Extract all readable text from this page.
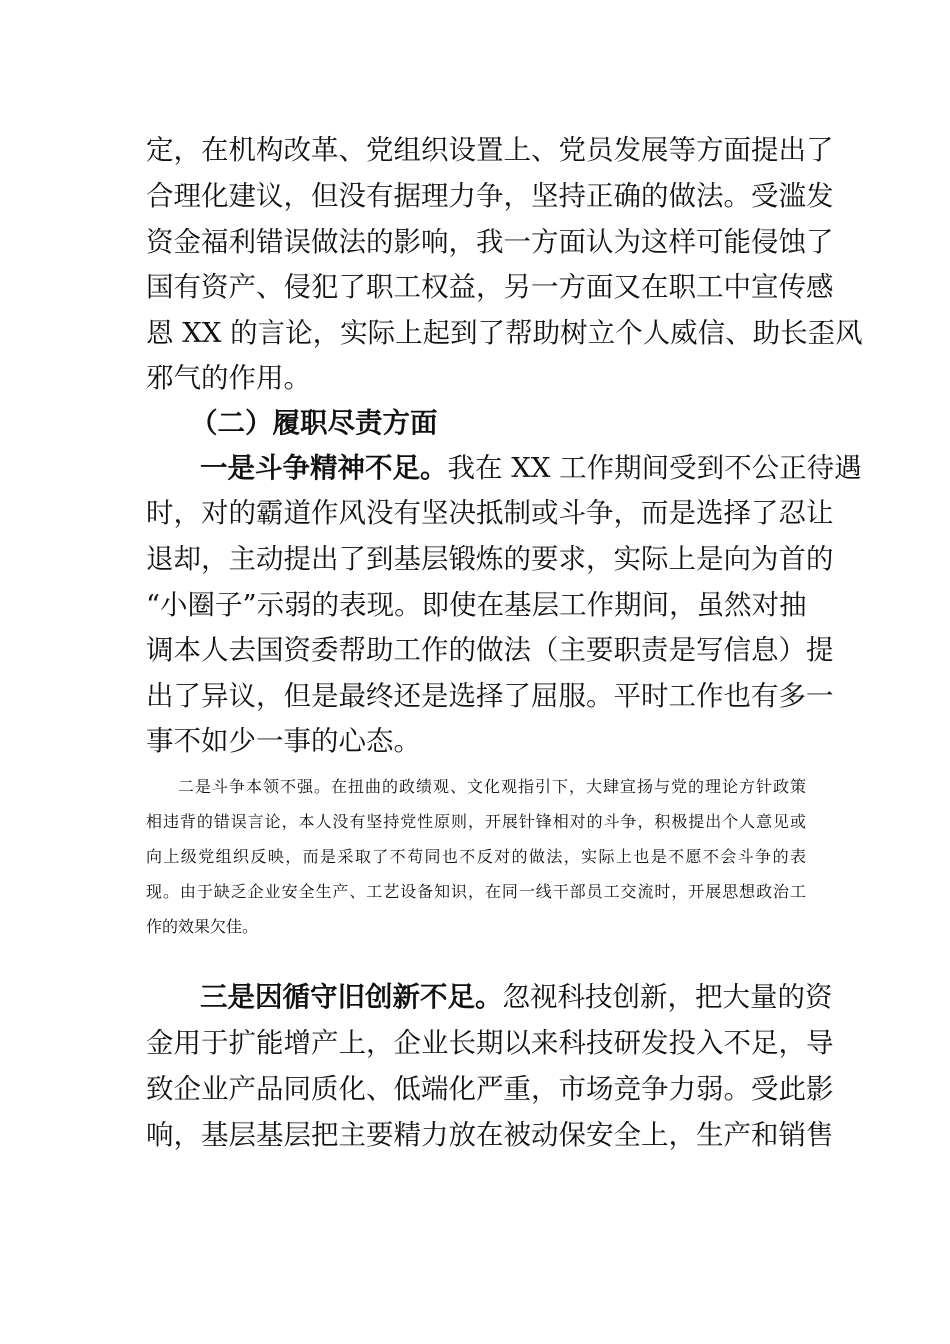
定，在机构改革、党组织设置上、党员发展等方面提出了
合理化建议，但没有据理力争，坚持正确的做法。受滥发
资金福利错误做法的影响，我一方面认为这样可能侵蚀了
国有资产、侵犯了职工权益，另一方面又在职工中宣传感
恩 XX 的言论，实际上起到了帮助树立个人威信、助长歪风
邪气的作用。
（二）履职尽责方面
一是斗争精神不足。我在 XX 工作期间受到不公正待遇
时，对的霸道作风没有坚决抵制或斗争，而是选择了忍让
退却，主动提出了到基层锻炼的要求，实际上是向为首的
“小圈子”示弱的表现。即使在基层工作期间，虽然对抽
调本人去国资委帮助工作的做法（主要职责是写信息）提
出了异议，但是最终还是选择了屈服。平时工作也有多一
事不如少一事的心态。
二是斗争本领不强。在扭曲的政绩观、文化观指引下，大肆宣扬与党的理论方针政策
相违背的错误言论，本人没有坚持党性原则，开展针锋相对的斗争，积极提出个人意见或
向上级党组织反映，而是采取了不苟同也不反对的做法，实际上也是不愿不会斗争的表
现。由于缺乏企业安全生产、工艺设备知识，在同一线干部员工交流时，开展思想政治工
作的效果欠佳。
三是因循守旧创新不足。忽视科技创新，把大量的资
金用于扩能增产上，企业长期以来科技研发投入不足，导
致企业产品同质化、低端化严重，市场竞争力弱。受此影
响，基层基层把主要精力放在被动保安全上，生产和销售
